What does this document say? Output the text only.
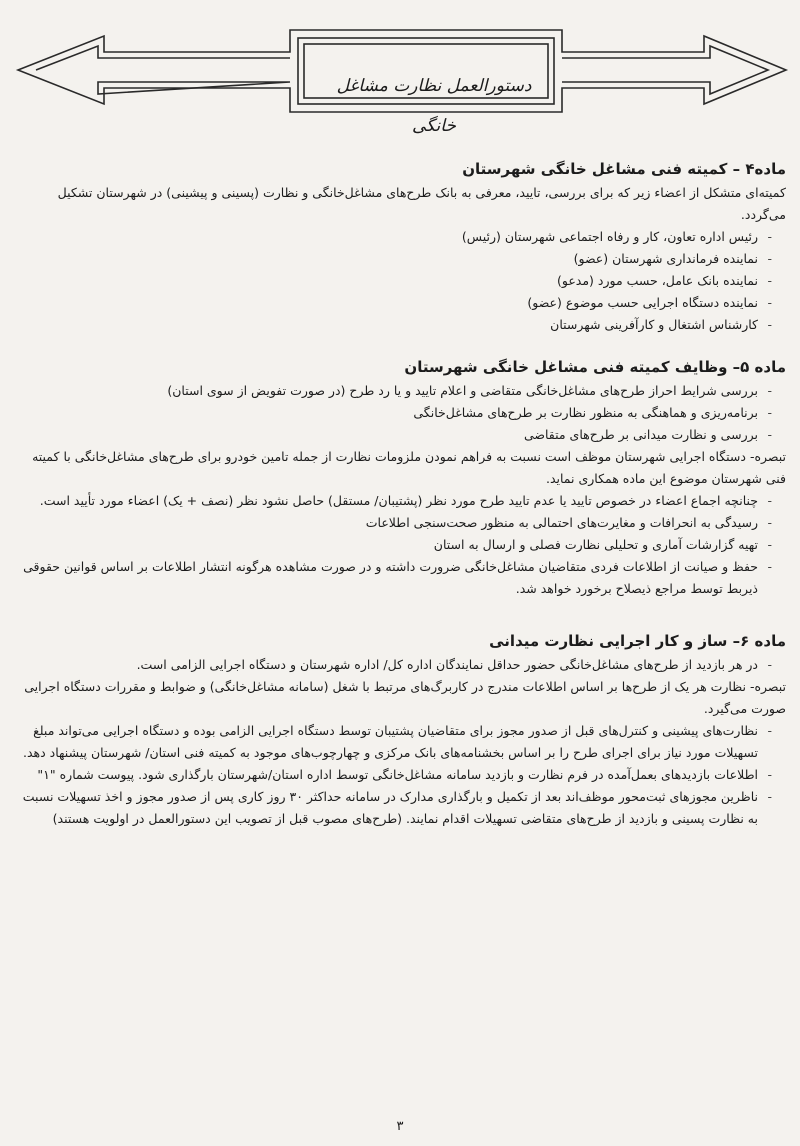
دستورالعمل نظارت مشاغل خانگی
ماده۴ – کمیته فنی مشاغل خانگی شهرستان

کمیته‌ای متشکل از اعضاء زیر که برای بررسی، تایید، معرفی به بانک طرح‌های مشاغل‌خانگی و نظارت (پسینی و پیشینی) در شهرستان تشکیل می‌گردد.

- رئیس اداره تعاون، کار و رفاه اجتماعی شهرستان (رئیس)
- نماینده فرمانداری شهرستان (عضو)
- نماینده بانک عامل، حسب مورد (مدعو)
- نماینده دستگاه اجرایی حسب موضوع (عضو)
- کارشناس اشتغال و کارآفرینی شهرستان
ماده ۵– وظایف کمیته فنی مشاغل خانگی شهرستان
- بررسی شرایط احراز طرح‌های مشاغل‌خانگی متقاضی و اعلام تایید و یا رد طرح (در صورت تفویض از سوی استان)
- برنامه‌ریزی و هماهنگی به منظور نظارت بر طرح‌های مشاغل‌خانگی
- بررسی و نظارت میدانی بر طرح‌های متقاضی

تبصره- دستگاه اجرایی شهرستان موظف است نسبت به فراهم نمودن ملزومات نظارت از جمله تامین خودرو برای طرح‌های مشاغل‌خانگی با کمیته فنی شهرستان موضوع این ماده همکاری نماید.

- چنانچه اجماع اعضاء در خصوص تایید یا عدم تایید طرح مورد نظر (پشتیبان/ مستقل) حاصل نشود نظر (نصف + یک) اعضاء مورد تأیید است.
- رسیدگی به انحرافات و مغایرت‌های احتمالی به منظور صحت‌سنجی اطلاعات
- تهیه گزارشات آماری و تحلیلی نظارت فصلی و ارسال به استان
- حفظ و صیانت از اطلاعات فردی متقاضیان مشاغل‌خانگی ضرورت داشته و در صورت مشاهده هرگونه انتشار اطلاعات بر اساس قوانین حقوقی ذیربط توسط مراجع ذیصلاح برخورد خواهد شد.
ماده ۶– ساز و کار اجرایی نظارت میدانی
- در هر بازدید از طرح‌های مشاغل‌خانگی حضور حداقل نمایندگان اداره کل/ اداره شهرستان و دستگاه اجرایی الزامی است.

تبصره- نظارت هر یک از طرح‌ها بر اساس اطلاعات مندرج در کاربرگ‌های مرتبط با شغل (سامانه مشاغل‌خانگی) و ضوابط و مقررات دستگاه اجرایی صورت می‌گیرد.

- نظارت‌های پیشینی و کنترل‌های قبل از صدور مجوز برای متقاضیان پشتیبان توسط دستگاه اجرایی الزامی بوده و دستگاه اجرایی می‌تواند مبلغ تسهیلات مورد نیاز برای اجرای طرح را بر اساس بخشنامه‌های بانک مرکزی و چهارچوب‌های موجود به کمیته فنی استان/ شهرستان پیشنهاد دهد.
- اطلاعات بازدیدهای بعمل‌آمده در فرم نظارت و بازدید سامانه مشاغل‌خانگی توسط اداره استان/شهرستان بارگذاری شود. پیوست شماره "۱"
- ناظرین مجوزهای ثبت‌محور موظف‌اند بعد از تکمیل و بارگذاری مدارک در سامانه حداکثر ۳۰ روز کاری پس از صدور مجوز و اخذ تسهیلات نسبت به نظارت پسینی و بازدید از طرح‌های متقاضی تسهیلات اقدام نمایند. (طرح‌های مصوب قبل از تصویب این دستورالعمل در اولویت هستند)
۳
